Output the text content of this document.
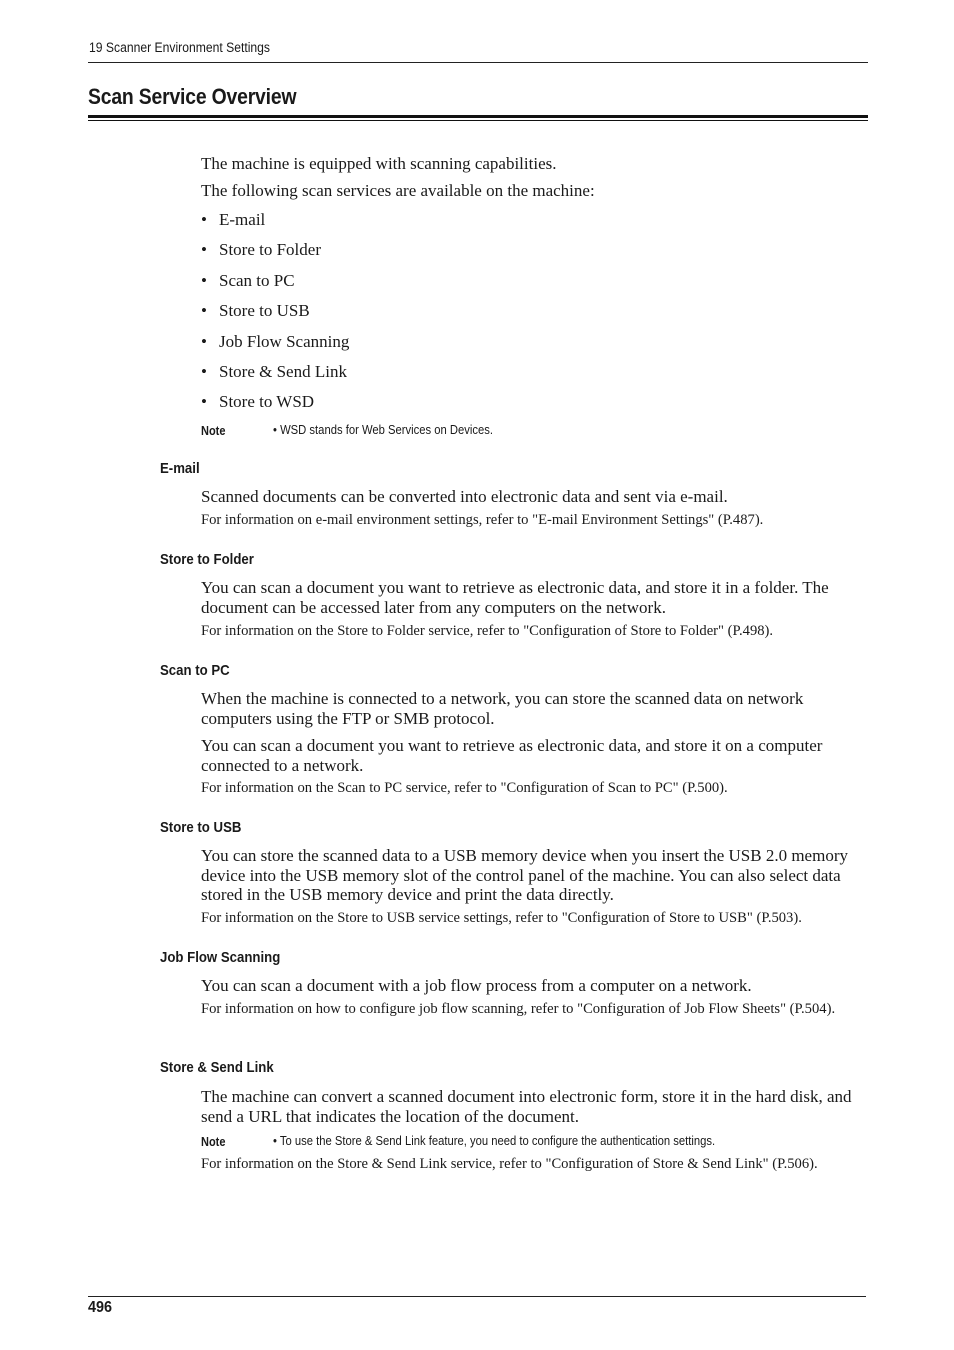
19 Scanner Environment Settings
Scan Service Overview
The machine is equipped with scanning capabilities.
The following scan services are available on the machine:
• E-mail
• Store to Folder
• Scan to PC
• Store to USB
• Job Flow Scanning
• Store & Send Link
• Store to WSD
Note	• WSD stands for Web Services on Devices.
E-mail
Scanned documents can be converted into electronic data and sent via e-mail.
For information on e-mail environment settings, refer to "E-mail Environment Settings" (P.487).
Store to Folder
You can scan a document you want to retrieve as electronic data, and store it in a folder. The document can be accessed later from any computers on the network.
For information on the Store to Folder service, refer to "Configuration of Store to Folder" (P.498).
Scan to PC
When the machine is connected to a network, you can store the scanned data on network computers using the FTP or SMB protocol.
You can scan a document you want to retrieve as electronic data, and store it on a computer connected to a network.
For information on the Scan to PC service, refer to "Configuration of Scan to PC" (P.500).
Store to USB
You can store the scanned data to a USB memory device when you insert the USB 2.0 memory device into the USB memory slot of the control panel of the machine. You can also select data stored in the USB memory device and print the data directly.
For information on the Store to USB service settings, refer to "Configuration of Store to USB" (P.503).
Job Flow Scanning
You can scan a document with a job flow process from a computer on a network.
For information on how to configure job flow scanning, refer to "Configuration of Job Flow Sheets" (P.504).
Store & Send Link
The machine can convert a scanned document into electronic form, store it in the hard disk, and send a URL that indicates the location of the document.
Note	• To use the Store & Send Link feature, you need to configure the authentication settings.
For information on the Store & Send Link service, refer to "Configuration of Store & Send Link" (P.506).
496
